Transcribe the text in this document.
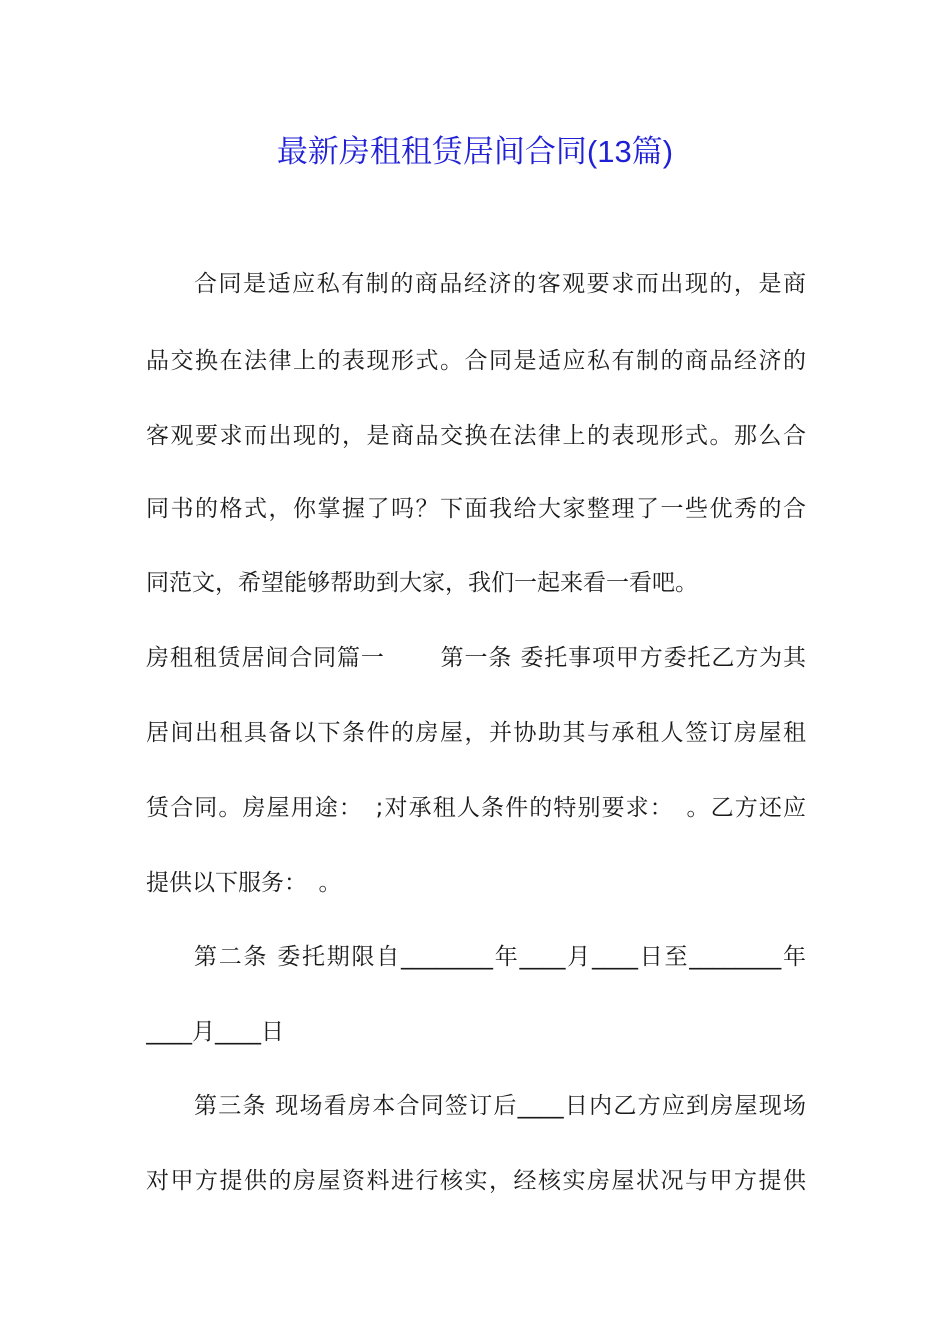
最新房租租赁居间合同(13篇)
合同是适应私有制的商品经济的客观要求而出现的，是商
品交换在法律上的表现形式。合同是适应私有制的商品经济的
客观要求而出现的，是商品交换在法律上的表现形式。那么合
同书的格式，你掌握了吗？下面我给大家整理了一些优秀的合
同范文，希望能够帮助到大家，我们一起来看一看吧。
房租租赁居间合同篇一　　 第一条 委托事项甲方委托乙方为其
居间出租具备以下条件的房屋，并协助其与承租人签订房屋租
赁合同。房屋用途：　;对承租人条件的特别要求：　。乙方还应
提供以下服务：　。
第二条 委托期限自________年____月____日至________年
____月____日
第三条 现场看房本合同签订后____日内乙方应到房屋现场
对甲方提供的房屋资料进行核实，经核实房屋状况与甲方提供
